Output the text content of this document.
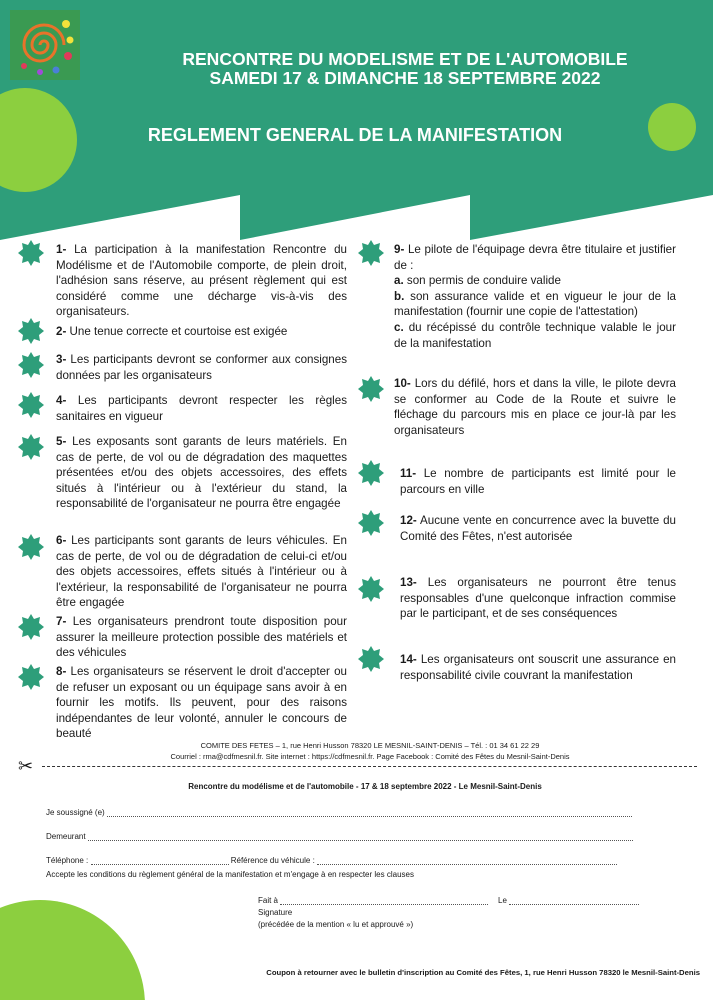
RENCONTRE DU MODELISME ET DE L'AUTOMOBILE
SAMEDI 17 & DIMANCHE 18 SEPTEMBRE 2022
REGLEMENT GENERAL DE LA MANIFESTATION
1- La participation à la manifestation Rencontre du Modélisme et de l'Automobile comporte, de plein droit, l'adhésion sans réserve, au présent règlement qui est considéré comme une décharge vis-à-vis des organisateurs.
2- Une tenue correcte et courtoise est exigée
3- Les participants devront se conformer aux consignes données par les organisateurs
4- Les participants devront respecter les règles sanitaires en vigueur
5- Les exposants sont garants de leurs matériels. En cas de perte, de vol ou de dégradation des maquettes présentées et/ou des objets accessoires, des effets situés à l'intérieur ou à l'extérieur du stand, la responsabilité de l'organisateur ne pourra être engagée
6- Les participants sont garants de leurs véhicules. En cas de perte, de vol ou de dégradation de celui-ci et/ou des objets accessoires, effets situés à l'intérieur ou à l'extérieur, la responsabilité de l'organisateur ne pourra être engagée
7- Les organisateurs prendront toute disposition pour assurer la meilleure protection possible des matériels et des véhicules
8- Les organisateurs se réservent le droit d'accepter ou de refuser un exposant ou un équipage sans avoir à en fournir les motifs. Ils peuvent, pour des raisons indépendantes de leur volonté, annuler le concours de beauté
9- Le pilote de l'équipage devra être titulaire et justifier de :
a. son permis de conduire valide
b. son assurance valide et en vigueur le jour de la manifestation (fournir une copie de l'attestation)
c. du récépissé du contrôle technique valable le jour de la manifestation
10- Lors du défilé, hors et dans la ville, le pilote devra se conformer au Code de la Route et suivre le fléchage du parcours mis en place ce jour-là par les organisateurs
11- Le nombre de participants est limité pour le parcours en ville
12- Aucune vente en concurrence avec la buvette du Comité des Fêtes, n'est autorisée
13- Les organisateurs ne pourront être tenus responsables d'une quelconque infraction commise par le participant, et de ses conséquences
14- Les organisateurs ont souscrit une assurance en responsabilité civile couvrant la manifestation
COMITE DES FETES – 1, rue Henri Husson 78320 LE MESNIL-SAINT-DENIS – Tél. : 01 34 61 22 29
Courriel : rma@cdfmesnil.fr. Site internet : https://cdfmesnil.fr. Page Facebook : Comité des Fêtes du Mesnil-Saint-Denis
✂
Rencontre du modélisme et de l'automobile - 17 & 18 septembre 2022 - Le Mesnil-Saint-Denis
Je soussigné (e)
Demeurant
Téléphone :	Référence du véhicule :
Accepte les conditions du règlement général de la manifestation et m'engage à en respecter les clauses
Fait à	Le
Signature
(précédée de la mention « lu et approuvé »)
Coupon à retourner avec le bulletin d'inscription au Comité des Fêtes, 1, rue Henri Husson 78320 le Mesnil-Saint-Denis
